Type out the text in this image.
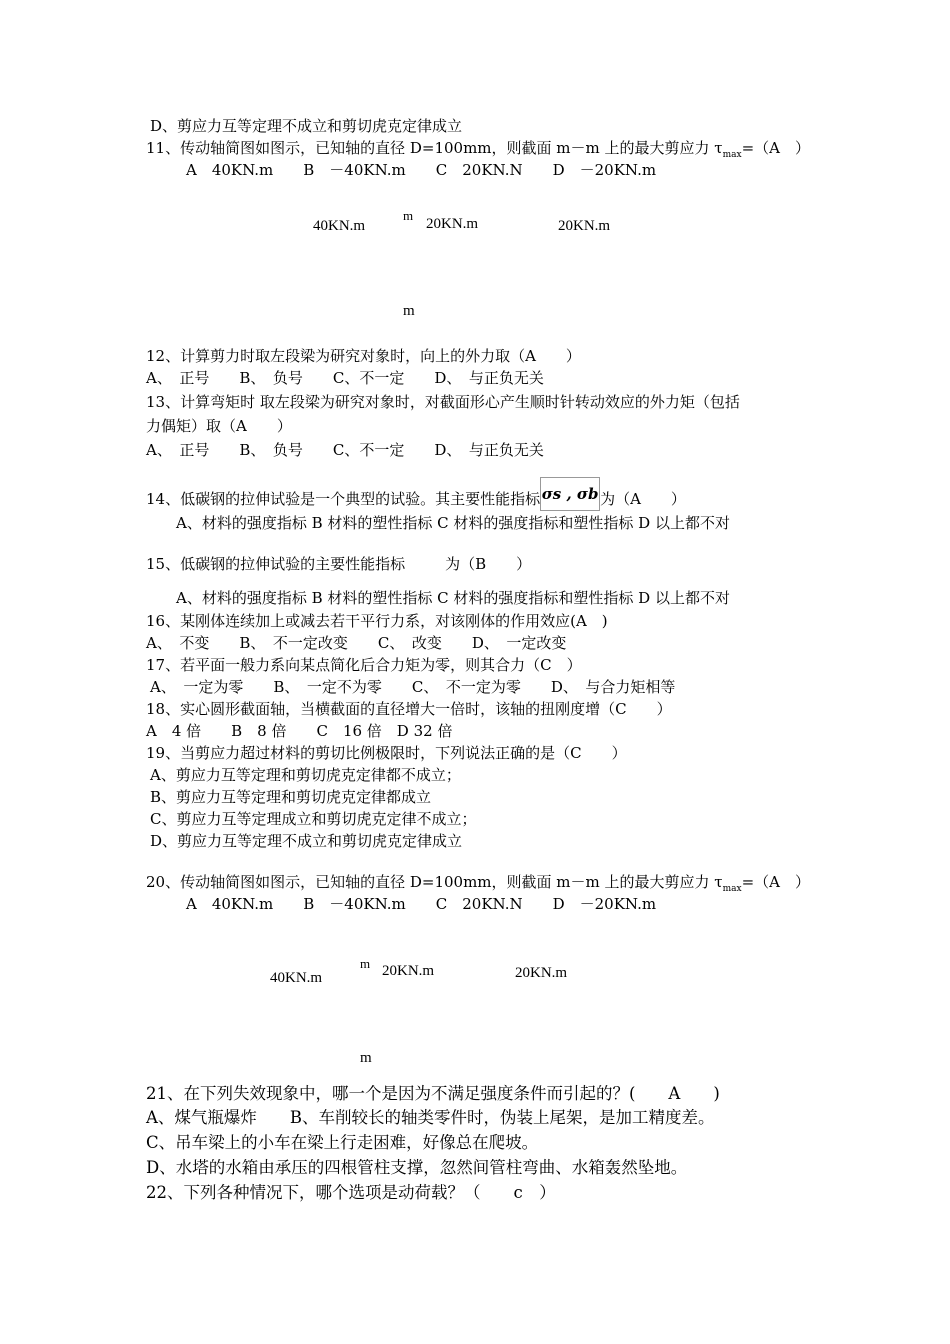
D、剪应力互等定理不成立和剪切虎克定律成立
11、传动轴简图如图示，已知轴的直径 D=100mm，则截面 m－m 上的最大剪应力 $\tau_{max}=(A$　）
A　40KN.m　　B　－40KN.m　　C　20KN.N　　D　－20KN.m
40KN.m
m
20KN.m	20KN.m
m
12、计算剪力时取左段梁为研究对象时，向上的外力取（A　　）
A、　正号　　B、　负号　　C、不一定　　D、　与正负无关
13、计算弯矩时 取左段梁为研究对象时，对截面形心产生顺时针转动效应的外力矩（包括
力偶矩）取（A　　）
A、　正号　　B、　负号　　C、不一定　　D、　与正负无关
14、低碳钢的拉伸试验是一个典型的试验。其主要性能指标 σs , σb 为（A　　）
A、材料的强度指标 B 材料的塑性指标 C 材料的强度指标和塑性指标 D 以上都不对
15、低碳钢的拉伸试验的主要性能指标	为（B　　）
A、材料的强度指标 B 材料的塑性指标 C 材料的强度指标和塑性指标 D 以上都不对
16、某刚体连续加上或减去若干平行力系，对该刚体的作用效应(A　)
A、　不变　　B、　不一定改变　　C、　改变　　D、　一定改变
17、若平面一般力系向某点简化后合力矩为零，则其合力（C　）
A、　一定为零　　B、　一定不为零　　C、　不一定为零　　D、　与合力矩相等
18、实心圆形截面轴，当横截面的直径增大一倍时，该轴的扭刚度增（C　　）
A　4 倍　　B　8 倍　　C　16 倍　D 32 倍
19、当剪应力超过材料的剪切比例极限时，下列说法正确的是（C　　）
A、剪应力互等定理和剪切虎克定律都不成立；
B、剪应力互等定理和剪切虎克定律都成立
C、剪应力互等定理成立和剪切虎克定律不成立；
D、剪应力互等定理不成立和剪切虎克定律成立
20、传动轴简图如图示，已知轴的直径 D=100mm，则截面 m－m 上的最大剪应力 $\tau_{max}=(A$　）
A　40KN.m　　B　－40KN.m　　C　20KN.N　　D　－20KN.m
40KN.m
m 20KN.m	20KN.m
m
21、在下列失效现象中，哪一个是因为不满足强度条件而引起的？(　　A　　)
A、煤气瓶爆炸　　B、车削较长的轴类零件时，伪装上尾架，是加工精度差。
C、吊车梁上的小车在梁上行走困难，好像总在爬坡。
D、水塔的水箱由承压的四根管柱支撑，忽然间管柱弯曲、水箱轰然坠地。
22、下列各种情况下，哪个选项是动荷载？（　　c　）
